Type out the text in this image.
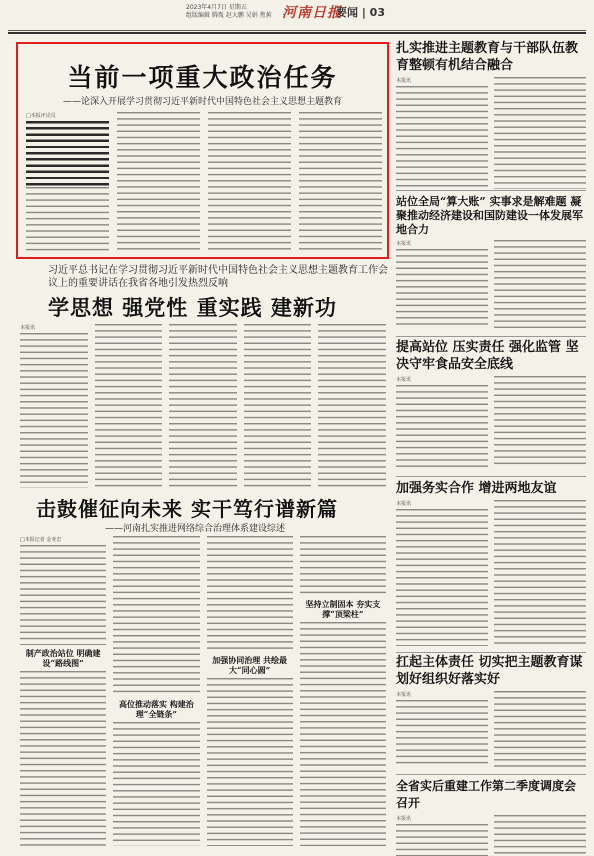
2023年4月7日 星期五
组版编辑 腾胤 赵大鹏 吴娟 焦蕉 河南日报
要闻 | 03
当前一项重大政治任务
——论深入开展学习贯彻习近平新时代中国特色社会主义思想主题教育
□本报评论员
习近平总书记在学习贯彻习近平新时代中国特色社会主义思想主题教育工作会议上的重要讲话在我省各地引发热烈反响
学思想 强党性 重实践 建新功
本报讯
击鼓催征向未来 实干笃行谱新篇
——河南扎实推进网络综合治理体系建设综述
□本报记者 金亚忠
制产政治站位 明确建设“路线图”
高位推动落实 构建治理“全链条”
加强协同治理 共绘最大“同心圆”
坚持立制固本 夯实支撑“顶梁柱”
扎实推进主题教育与干部队伍教育整顿有机结合融合
本报讯
站位全局“算大账” 实事求是解难题 凝聚推动经济建设和国防建设一体发展军地合力
本报讯
提高站位 压实责任 强化监管 坚决守牢食品安全底线
本报讯
加强务实合作 增进两地友谊
本报讯
扛起主体责任 切实把主题教育谋划好组织好落实好
本报讯
全省实后重建工作第二季度调度会召开
本报讯
